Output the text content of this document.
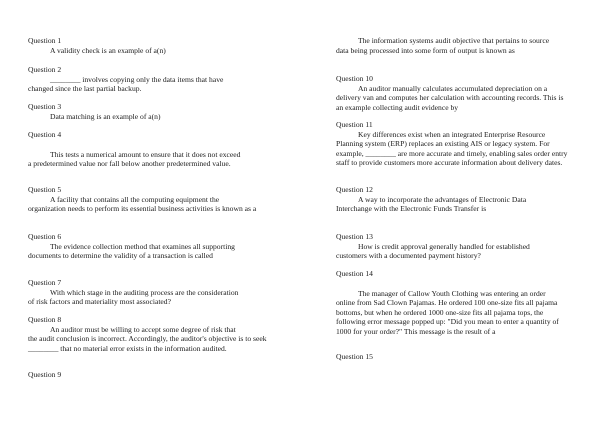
Question 1
A validity check is an example of a(n)
Question 2
________ involves copying only the data items that have
changed since the last partial backup.
Question 3
Data matching is an example of a(n)
Question 4
This tests a numerical amount to ensure that it does not exceed
a predetermined value nor fall below another predetermined value.
Question 5
A facility that contains all the computing equipment the
organization needs to perform its essential business activities is known as a
Question 6
The evidence collection method that examines all supporting
documents to determine the validity of a transaction is called
Question 7
With which stage in the auditing process are the consideration
of risk factors and materiality most associated?
Question 8
An auditor must be willing to accept some degree of risk that
the audit conclusion is incorrect. Accordingly, the auditor's objective is to seek ________ that no material error exists in the information audited.
Question 9
The information systems audit objective that pertains to source
data being processed into some form of output is known as
Question 10
An auditor manually calculates accumulated depreciation on a
delivery van and computes her calculation with accounting records. This is an example collecting audit evidence by
Question 11
Key differences exist when an integrated Enterprise Resource
Planning system (ERP) replaces an existing AIS or legacy system. For example, ________ are more accurate and timely, enabling sales order entry staff to provide customers more accurate information about delivery dates.
Question 12
A way to incorporate the advantages of Electronic Data
Interchange with the Electronic Funds Transfer is
Question 13
How is credit approval generally handled for established
customers with a documented payment history?
Question 14
The manager of Callow Youth Clothing was entering an order
online from Sad Clown Pajamas. He ordered 100 one-size fits all pajama bottoms, but when he ordered 1000 one-size fits all pajama tops, the following error message popped up: "Did you mean to enter a quantity of 1000 for your order?" This message is the result of a
Question 15
